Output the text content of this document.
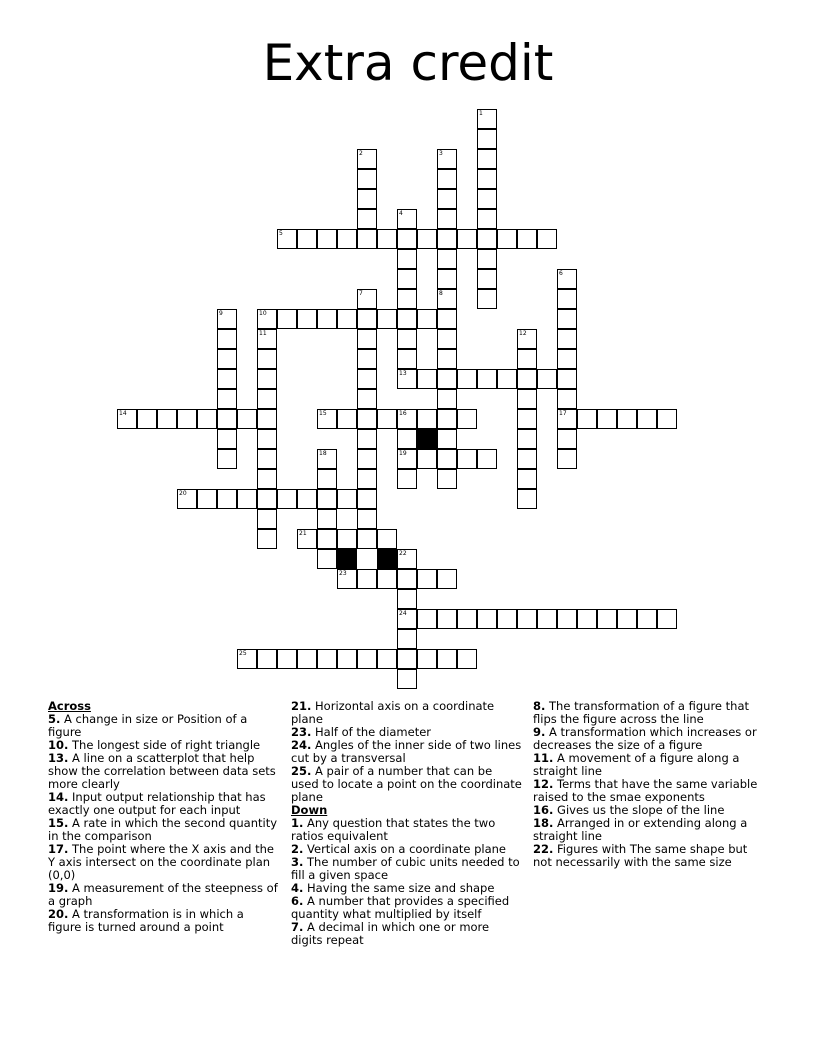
Extra credit
1
2	3
4
13
5
6
17
7	8
9	10
11	12
14	15	16
19
18
20
21
22
24
23
25
Across
5. A change in size or Position of a figure
10. The longest side of right triangle
13. A line on a scatterplot that help show the correlation between data sets more clearly
14. Input output relationship that has exactly one output for each input
15. A rate in which the second quantity in the comparison
17. The point where the X axis and the Y axis intersect on the coordinate plan (0,0)
19. A measurement of the steepness of a graph
20. A transformation is in which a figure is turned around a point
21. Horizontal axis on a coordinate plane
23. Half of the diameter
24. Angles of the inner side of two lines cut by a transversal
25. A pair of a number that can be used to locate a point on the coordinate plane
Down
1. Any question that states the two ratios equivalent
2. Vertical axis on a coordinate plane
3. The number of cubic units needed to fill a given space
4. Having the same size and shape
6. A number that provides a specified quantity what multiplied by itself
7. A decimal in which one or more digits repeat
8. The transformation of a figure that flips the figure across the line
9. A transformation which increases or decreases the size of a figure
11. A movement of a figure along a straight line
12. Terms that have the same variable raised to the smae exponents
16. Gives us the slope of the line
18. Arranged in or extending along a straight line
22. Figures with The same shape but not necessarily with the same size
